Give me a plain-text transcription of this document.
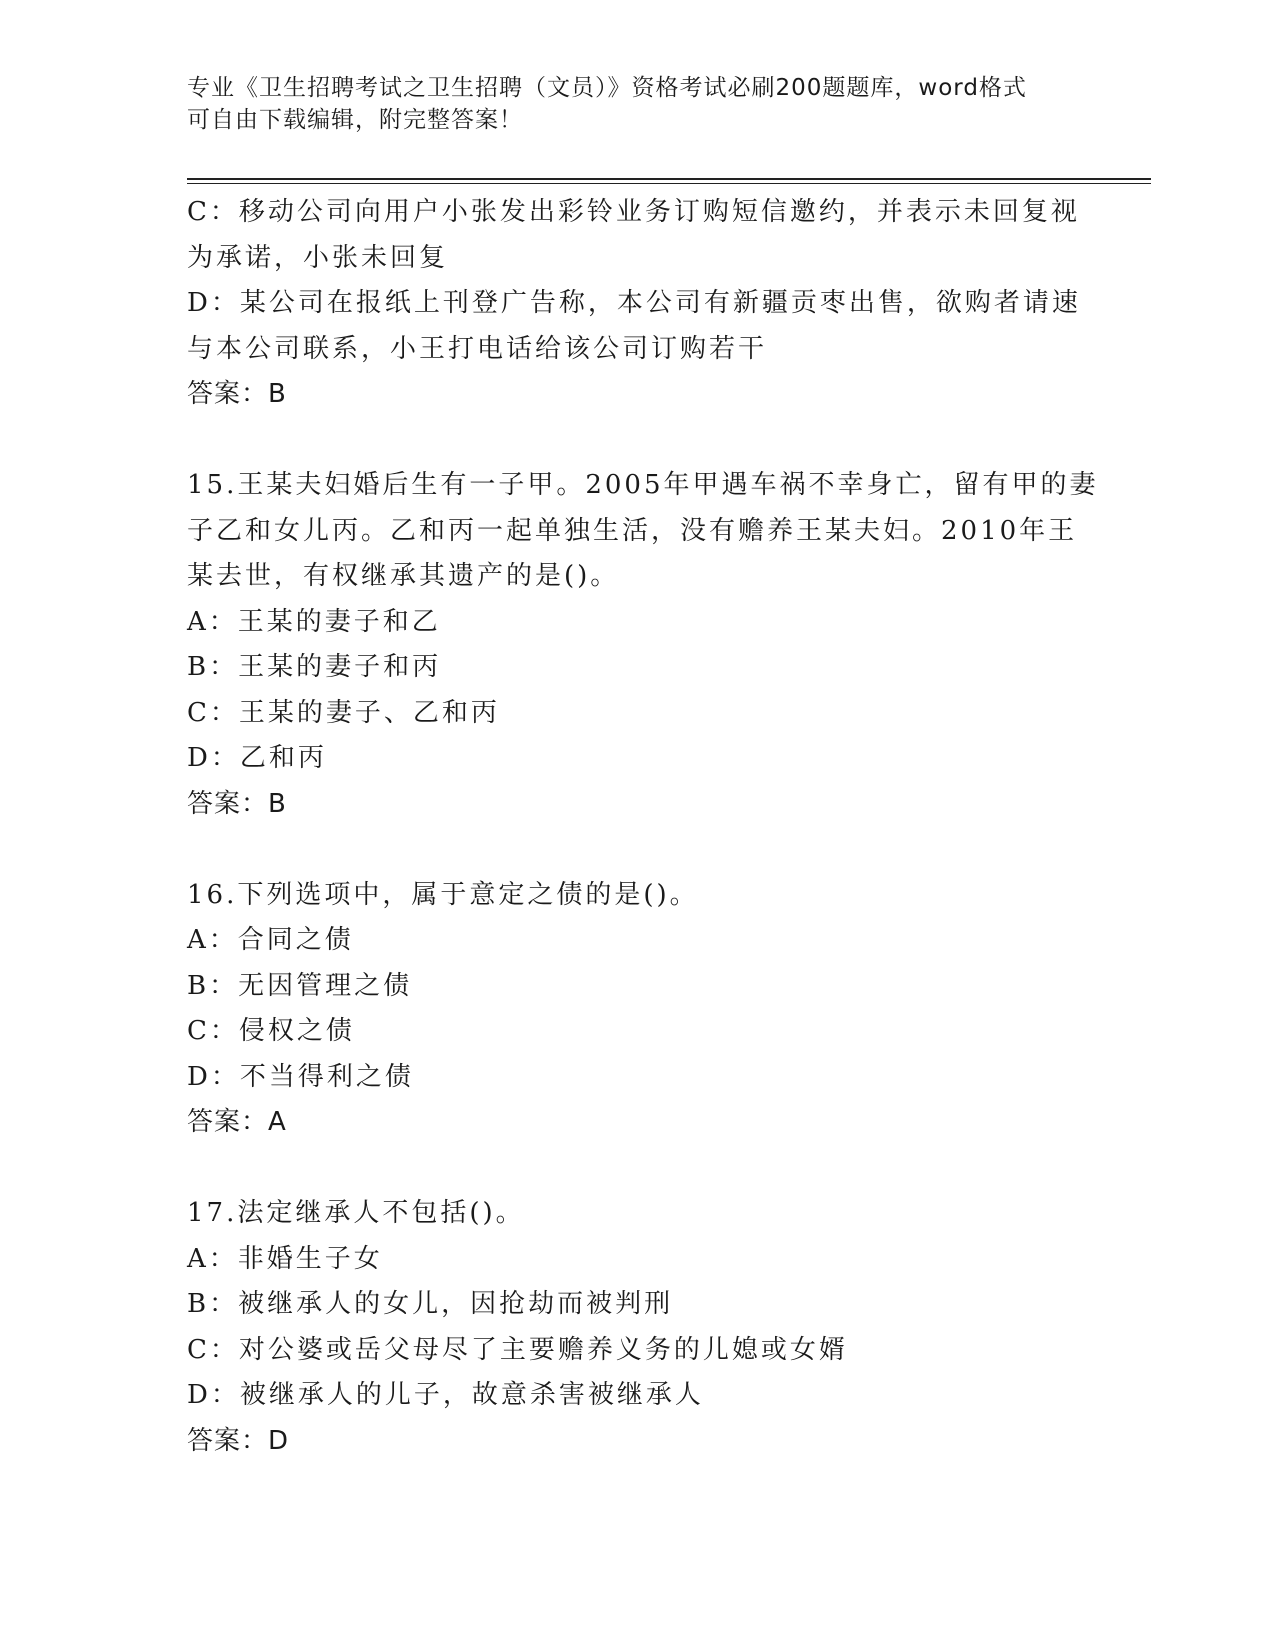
专业《卫生招聘考试之卫生招聘（文员）》资格考试必刷200题题库，word格式
可自由下载编辑，附完整答案！
C：移动公司向用户小张发出彩铃业务订购短信邀约，并表示未回复视
为承诺，小张未回复
D：某公司在报纸上刊登广告称，本公司有新疆贡枣出售，欲购者请速
与本公司联系，小王打电话给该公司订购若干
答案：B
15.王某夫妇婚后生有一子甲。2005年甲遇车祸不幸身亡，留有甲的妻
子乙和女儿丙。乙和丙一起单独生活，没有赡养王某夫妇。2010年王
某去世，有权继承其遗产的是()。
A：王某的妻子和乙
B：王某的妻子和丙
C：王某的妻子、乙和丙
D：乙和丙
答案：B
16.下列选项中，属于意定之债的是()。
A：合同之债
B：无因管理之债
C：侵权之债
D：不当得利之债
答案：A
17.法定继承人不包括()。
A：非婚生子女
B：被继承人的女儿，因抢劫而被判刑
C：对公婆或岳父母尽了主要赡养义务的儿媳或女婿
D：被继承人的儿子，故意杀害被继承人
答案：D
